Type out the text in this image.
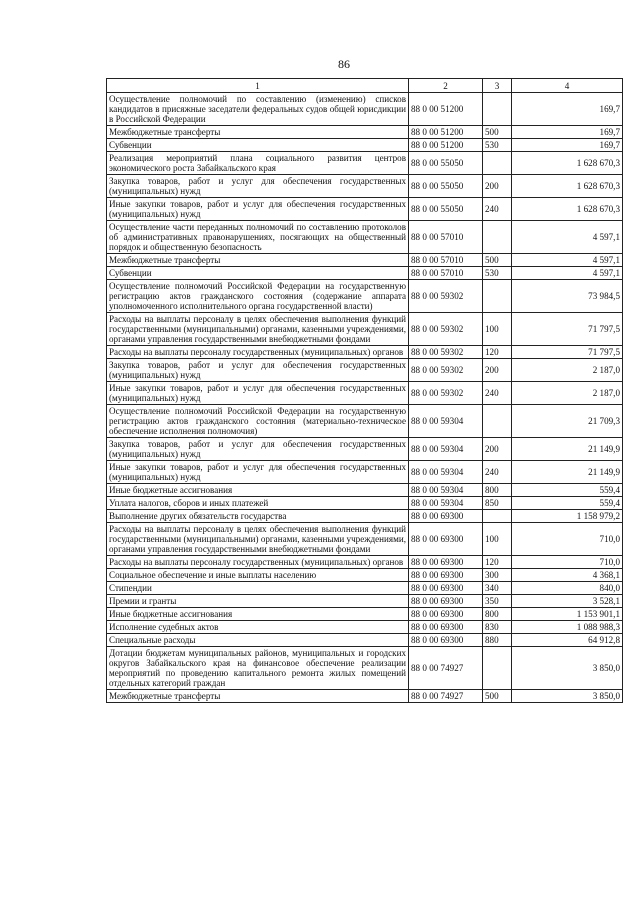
86
1	2	3	4
Осуществление полномочий по составлению (изменению) списков кандидатов в присяжные заседатели федеральных судов общей юрисдикции в Российской Федерации	88 0 00 51200		169,7
Межбюджетные трансферты	88 0 00 51200	500	169,7
Субвенции	88 0 00 51200	530	169,7
Реализация мероприятий плана социального развития центров экономического роста Забайкальского края	88 0 00 55050		1 628 670,3
Закупка товаров, работ и услуг для обеспечения государственных (муниципальных) нужд	88 0 00 55050	200	1 628 670,3
Иные закупки товаров, работ и услуг для обеспечения государственных (муниципальных) нужд	88 0 00 55050	240	1 628 670,3
Осуществление части переданных полномочий по составлению протоколов об административных правонарушениях, посягающих на общественный порядок и общественную безопасность	88 0 00 57010		4 597,1
Межбюджетные трансферты	88 0 00 57010	500	4 597,1
Субвенции	88 0 00 57010	530	4 597,1
Осуществление полномочий Российской Федерации на государственную регистрацию актов гражданского состояния (содержание аппарата уполномоченного исполнительного органа государственной власти)	88 0 00 59302		73 984,5
Расходы на выплаты персоналу в целях обеспечения выполнения функций государственными (муниципальными) органами, казенными учреждениями, органами управления государственными внебюджетными фондами	88 0 00 59302	100	71 797,5
Расходы на выплаты персоналу государственных (муниципальных) органов	88 0 00 59302	120	71 797,5
Закупка товаров, работ и услуг для обеспечения государственных (муниципальных) нужд	88 0 00 59302	200	2 187,0
Иные закупки товаров, работ и услуг для обеспечения государственных (муниципальных) нужд	88 0 00 59302	240	2 187,0
Осуществление полномочий Российской Федерации на государственную регистрацию актов гражданского состояния (материально-техническое обеспечение исполнения полномочия)	88 0 00 59304		21 709,3
Закупка товаров, работ и услуг для обеспечения государственных (муниципальных) нужд	88 0 00 59304	200	21 149,9
Иные закупки товаров, работ и услуг для обеспечения государственных (муниципальных) нужд	88 0 00 59304	240	21 149,9
Иные бюджетные ассигнования	88 0 00 59304	800	559,4
Уплата налогов, сборов и иных платежей	88 0 00 59304	850	559,4
Выполнение других обязательств государства	88 0 00 69300		1 158 979,2
Расходы на выплаты персоналу в целях обеспечения выполнения функций государственными (муниципальными) органами, казенными учреждениями, органами управления государственными внебюджетными фондами	88 0 00 69300	100	710,0
Расходы на выплаты персоналу государственных (муниципальных) органов	88 0 00 69300	120	710,0
Социальное обеспечение и иные выплаты населению	88 0 00 69300	300	4 368,1
Стипендии	88 0 00 69300	340	840,0
Премии и гранты	88 0 00 69300	350	3 528,1
Иные бюджетные ассигнования	88 0 00 69300	800	1 153 901,1
Исполнение судебных актов	88 0 00 69300	830	1 088 988,3
Специальные расходы	88 0 00 69300	880	64 912,8
Дотации бюджетам муниципальных районов, муниципальных и городских округов Забайкальского края на финансовое обеспечение реализации мероприятий по проведению капитального ремонта жилых помещений отдельных категорий граждан	88 0 00 74927		3 850,0
Межбюджетные трансферты	88 0 00 74927	500	3 850,0
